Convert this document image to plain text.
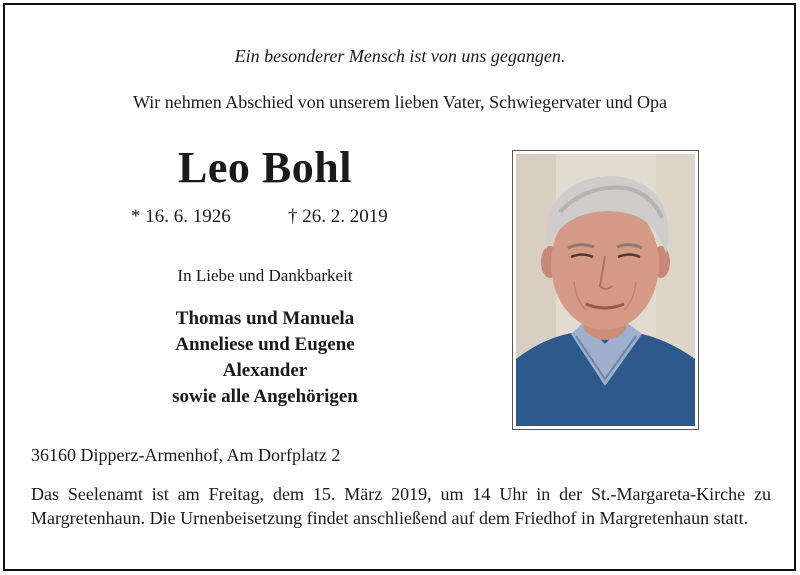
Ein besonderer Mensch ist von uns gegangen.
Wir nehmen Abschied von unserem lieben Vater, Schwiegervater und Opa
Leo Bohl
* 16. 6. 1926	† 26. 2. 2019
In Liebe und Dankbarkeit
Thomas und Manuela
Anneliese und Eugene
Alexander
sowie alle Angehörigen
36160 Dipperz-Armenhof, Am Dorfplatz 2
Das Seelenamt ist am Freitag, dem 15. März 2019, um 14 Uhr in der St.-Margareta-Kirche zu Margretenhaun. Die Urnenbeisetzung findet anschließend auf dem Friedhof in Margretenhaun statt.
